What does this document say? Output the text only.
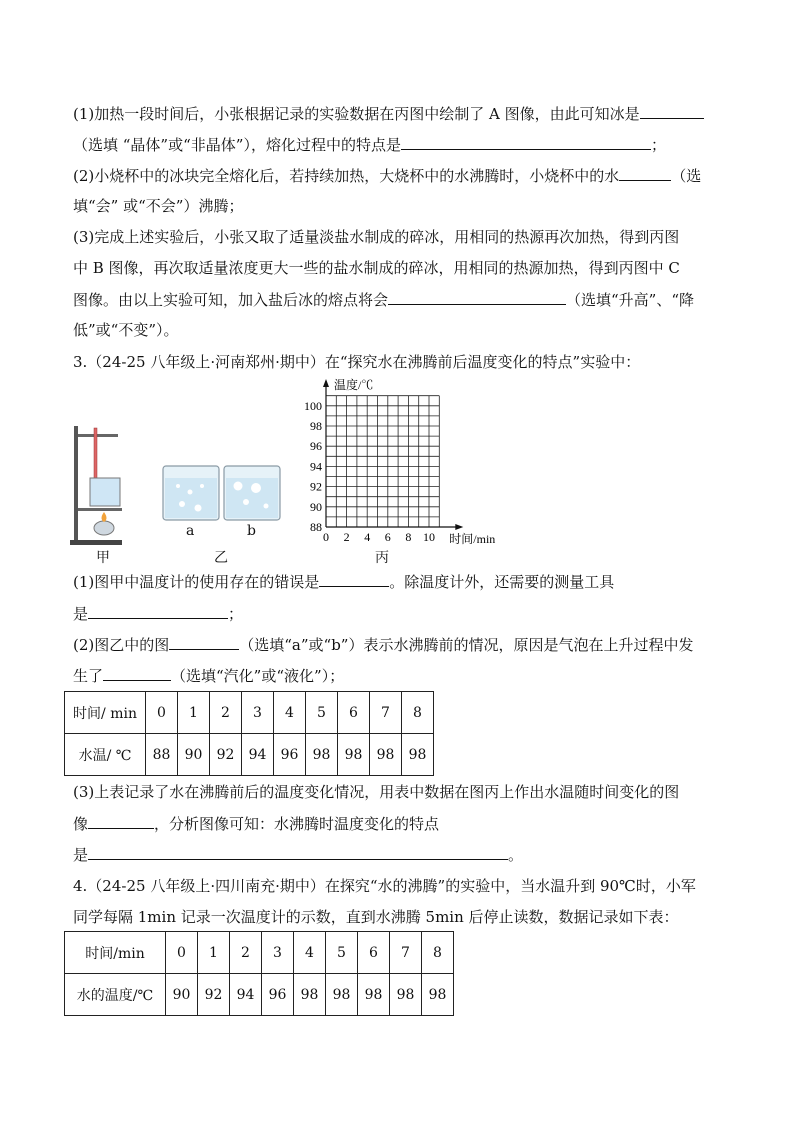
(1)加热一段时间后，小张根据记录的实验数据在丙图中绘制了 A 图像，由此可知冰是
（选填 “晶体”或“非晶体”），熔化过程中的特点是	；
(2)小烧杯中的冰块完全熔化后，若持续加热，大烧杯中的水沸腾时，小烧杯中的水	（选
填“会” 或“不会”）沸腾；
(3)完成上述实验后，小张又取了适量淡盐水制成的碎冰，用相同的热源再次加热，得到丙图
中 B 图像，再次取适量浓度更大一些的盐水制成的碎冰，用相同的热源加热，得到丙图中 C
图像。由以上实验可知，加入盐后冰的熔点将会	（选填“升高”、“降
低”或“不变”）。
3.（24-25 八年级上·河南郑州·期中）在“探究水在沸腾前后温度变化的特点”实验中：
甲
a	b
乙
88
90
92
94
96
98
100
0 2 4 6 8 10
温度/℃
时间/min
丙
(1)图甲中温度计的使用存在的错误是	。除温度计外，还需要的测量工具
是	；
(2)图乙中的图	（选填“a”或“b”）表示水沸腾前的情况，原因是气泡在上升过程中发
生了	（选填“汽化”或“液化”）；
时间/ min	0	1	2	3	4	5	6	7	8
水温/ ℃	88	90	92	94	96	98	98	98	98
(3)上表记录了水在沸腾前后的温度变化情况，用表中数据在图丙上作出水温随时间变化的图
像	，分析图像可知：水沸腾时温度变化的特点
是	。
4.（24-25 八年级上·四川南充·期中）在探究“水的沸腾”的实验中，当水温升到 90℃时，小军
同学每隔 1min 记录一次温度计的示数，直到水沸腾 5min 后停止读数，数据记录如下表：
时间/min	0	1	2	3	4	5	6	7	8
水的温度/℃	90	92	94	96	98	98	98	98	98
